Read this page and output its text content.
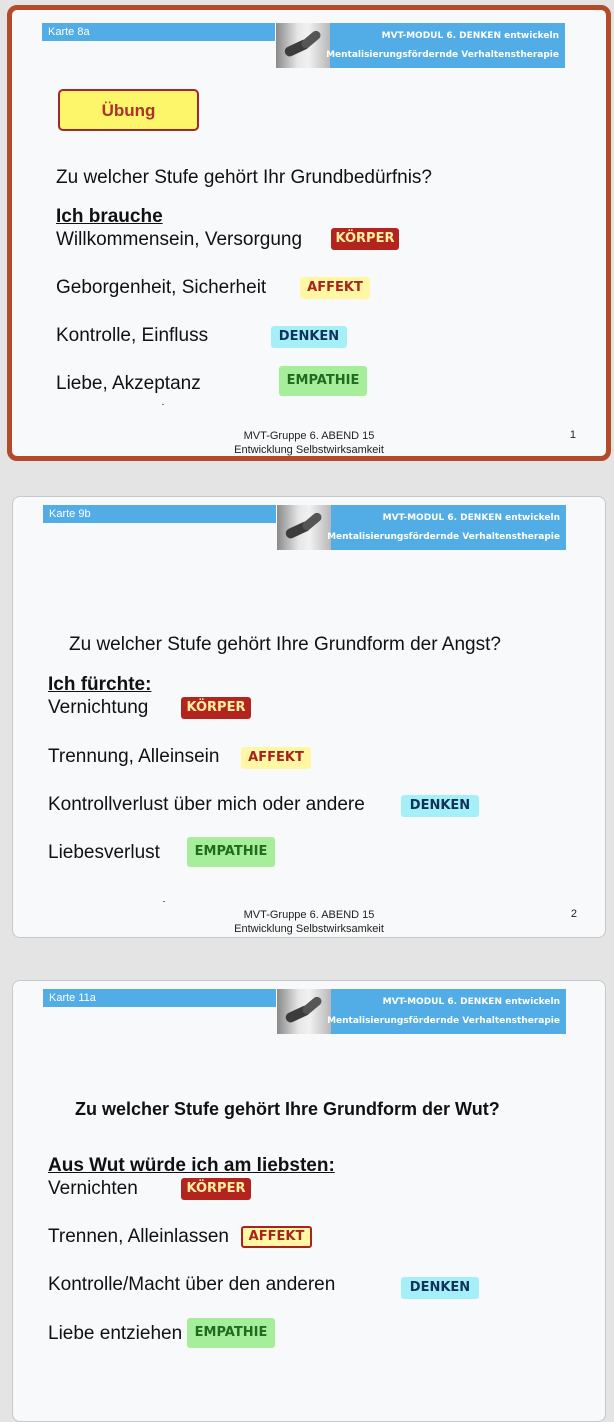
Karte 8a	MVT-MODUL 6. DENKEN entwickeln
Mentalisierungsfördernde Verhaltenstherapie
Übung
Zu welcher Stufe gehört Ihr Grundbedürfnis?
Ich brauche
Willkommensein, Versorgung	KÖRPER
Geborgenheit, Sicherheit	AFFEKT
Kontrolle, Einfluss	DENKEN
Liebe, Akzeptanz	EMPATHIE
MVT-Gruppe 6. ABEND 15
Entwicklung Selbstwirksamkeit
1
Karte 9b	MVT-MODUL 6. DENKEN entwickeln
Mentalisierungsfördernde Verhaltenstherapie
Zu welcher Stufe gehört Ihre Grundform der Angst?
Ich fürchte:
Vernichtung	KÖRPER
Trennung, Alleinsein	AFFEKT
Kontrollverlust über mich oder andere	DENKEN
Liebesverlust	EMPATHIE
MVT-Gruppe 6. ABEND 15
Entwicklung Selbstwirksamkeit
2
Karte 11a	MVT-MODUL 6. DENKEN entwickeln
Mentalisierungsfördernde Verhaltenstherapie
Zu welcher Stufe gehört Ihre Grundform der Wut?
Aus Wut würde ich am liebsten:
Vernichten	KÖRPER
Trennen, Alleinlassen	AFFEKT
Kontrolle/Macht über den anderen	DENKEN
Liebe entziehen EMPATHIE
